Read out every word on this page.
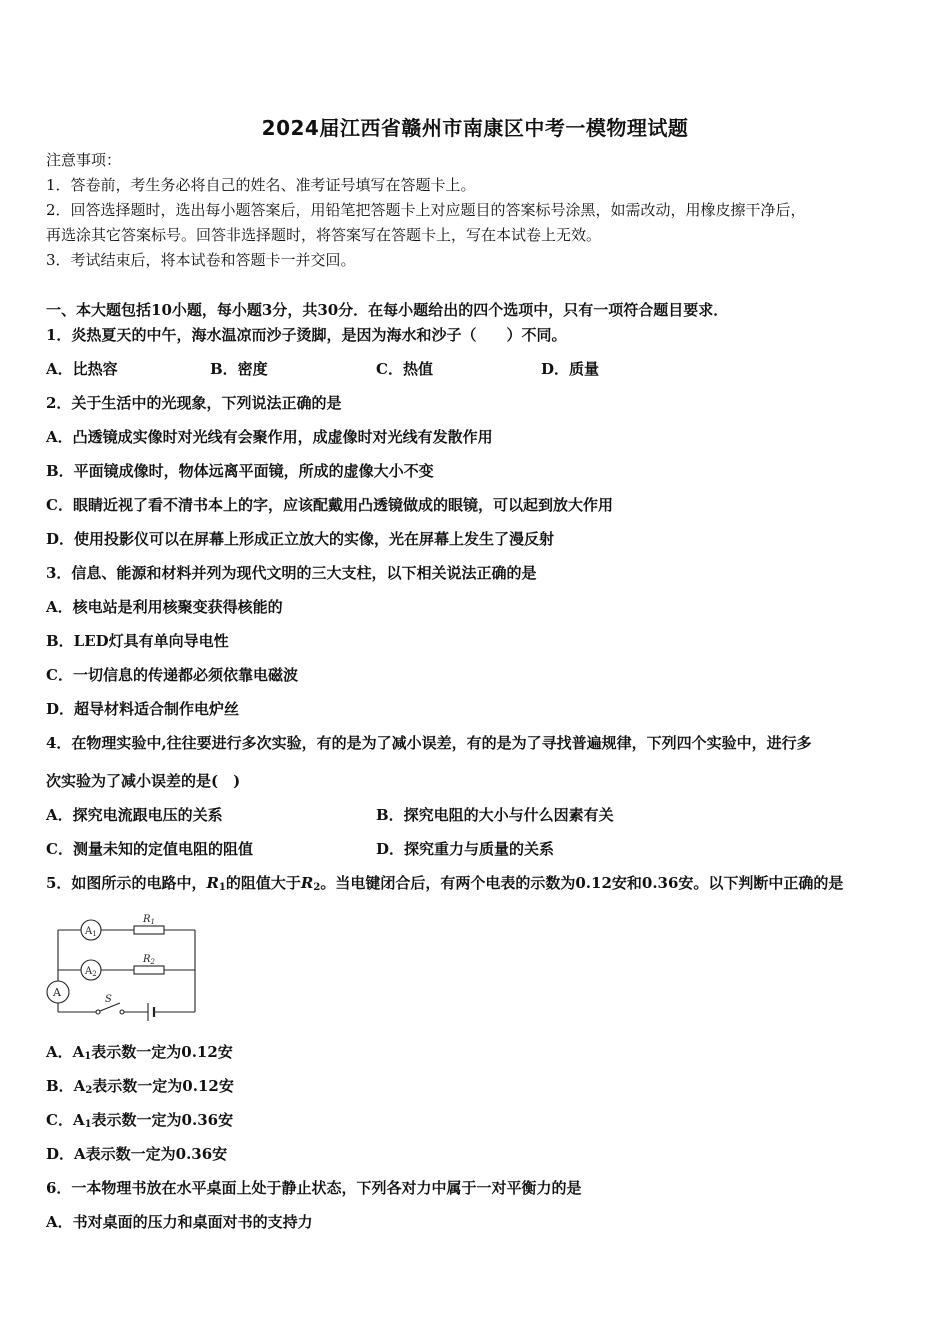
2024届江西省赣州市南康区中考一模物理试题
注意事项：
1．答卷前，考生务必将自己的姓名、准考证号填写在答题卡上。
2．回答选择题时，选出每小题答案后，用铅笔把答题卡上对应题目的答案标号涂黑，如需改动，用橡皮擦干净后，
再选涂其它答案标号。回答非选择题时，将答案写在答题卡上，写在本试卷上无效。
3．考试结束后，将本试卷和答题卡一并交回。
一、本大题包括10小题，每小题3分，共30分．在每小题给出的四个选项中，只有一项符合题目要求．
1．炎热夏天的中午，海水温凉而沙子烫脚，是因为海水和沙子（　　）不同。
A．比热容	B．密度	C．热值	D．质量
2．关于生活中的光现象，下列说法正确的是
A．凸透镜成实像时对光线有会聚作用，成虚像时对光线有发散作用
B．平面镜成像时，物体远离平面镜，所成的虚像大小不变
C．眼睛近视了看不清书本上的字，应该配戴用凸透镜做成的眼镜，可以起到放大作用
D．使用投影仪可以在屏幕上形成正立放大的实像，光在屏幕上发生了漫反射
3．信息、能源和材料并列为现代文明的三大支柱，以下相关说法正确的是
A．核电站是利用核聚变获得核能的
B．LED灯具有单向导电性
C．一切信息的传递都必须依靠电磁波
D．超导材料适合制作电炉丝
4．在物理实验中,往往要进行多次实验，有的是为了减小误差，有的是为了寻找普遍规律，下列四个实验中，进行多
次实验为了减小误差的是(　)
A．探究电流跟电压的关系	B．探究电阻的大小与什么因素有关
C．测量未知的定值电阻的阻值	D．探究重力与质量的关系
5．如图所示的电路中，$R_1$的阻值大于$R_2$。当电键闭合后，有两个电表的示数为0.12安和0.36安。以下判断中正确的是
$A_1$
$A_2$
A
$R_1$
$R_2$
S
A．$A_1$表示数一定为0.12安
B．$A_2$表示数一定为0.12安
C．$A_1$表示数一定为0.36安
D．A表示数一定为0.36安
6．一本物理书放在水平桌面上处于静止状态，下列各对力中属于一对平衡力的是
A．书对桌面的压力和桌面对书的支持力
